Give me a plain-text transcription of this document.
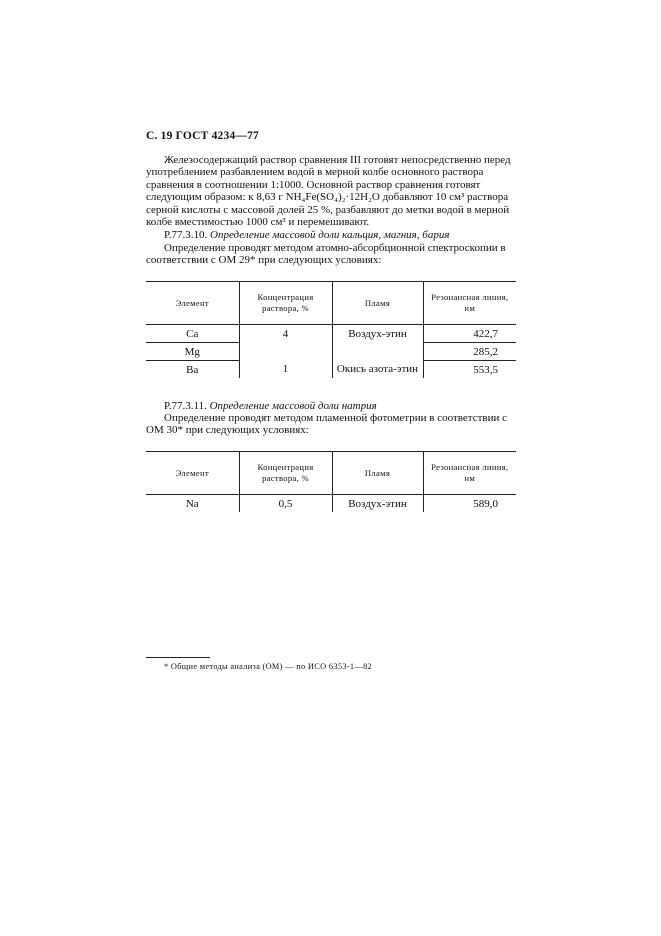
С. 19 ГОСТ 4234—77

Железосодержащий раствор сравнения III готовят непосредственно перед

употреблением разбавлением водой в мерной колбе основного раствора

сравнения в соотношении 1:1000. Основной раствор сравнения готовят

следующим образом: к 8,63 г NH₄Fe(SO₄)₂·12H₂O добавляют 10 см³ раствора

серной кислоты с массовой долей 25 %, разбавляют до метки водой в мерной

колбе вместимостью 1000 см³ и перемешивают.

Р.77.3.10. Определение массовой доли кальция, магния, бария

Определение проводят методом атомно-абсорбционной спектроскопии в

соответствии с ОМ 29* при следующих условиях:

Элемент	Концентрация раствора, %	Пламя	Резонансная линия, нм
Ca	4	Воздух-этин	422,7
Mg			285,2
Ba	1	Окись азота-этин	553,5
Р.77.3.11. Определение массовой доли натрия

Определение проводят методом пламенной фотометрии в соответствии с

ОМ 30* при следующих условиях:

Элемент	Концентрация раствора, %	Пламя	Резонансная линия, нм
Na	0,5	Воздух-этин	589,0
* Общие методы анализа (ОМ) — по ИСО 6353-1—82
